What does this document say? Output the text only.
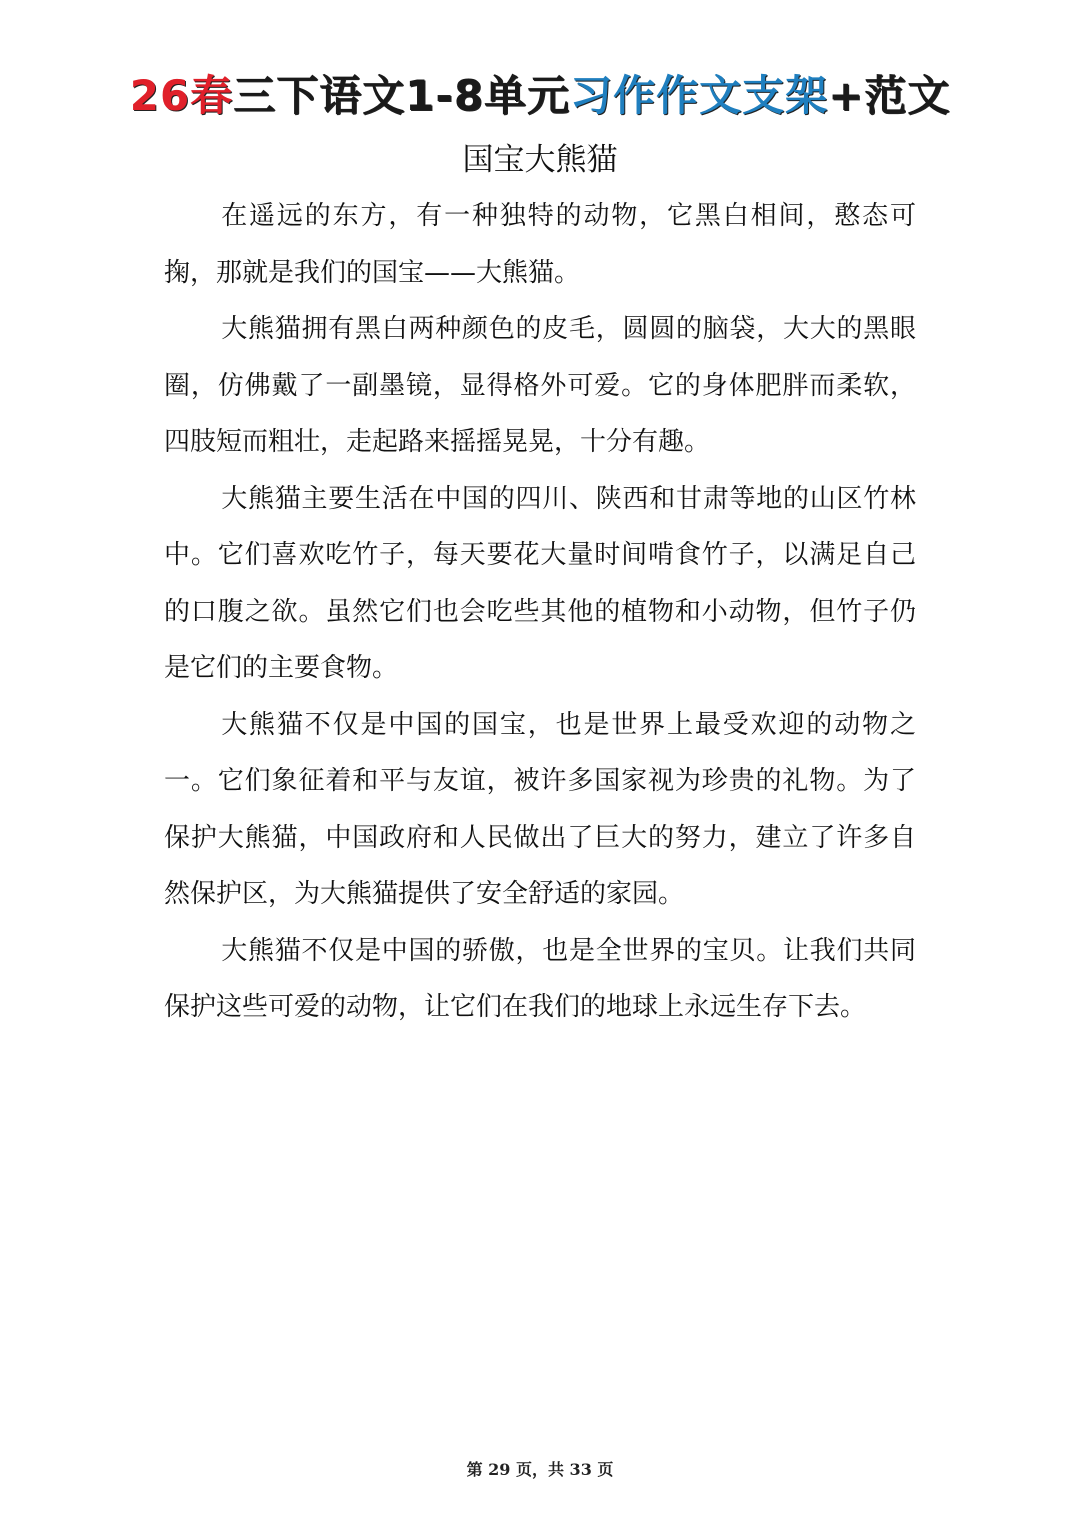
26春三下语文1-8单元习作作文支架+范文
国宝大熊猫

在遥远的东方，有一种独特的动物，它黑白相间，憨态可掬，那就是我们的国宝——大熊猫。

大熊猫拥有黑白两种颜色的皮毛，圆圆的脑袋，大大的黑眼圈，仿佛戴了一副墨镜，显得格外可爱。它的身体肥胖而柔软，四肢短而粗壮，走起路来摇摇晃晃，十分有趣。

大熊猫主要生活在中国的四川、陕西和甘肃等地的山区竹林中。它们喜欢吃竹子，每天要花大量时间啃食竹子，以满足自己的口腹之欲。虽然它们也会吃些其他的植物和小动物，但竹子仍是它们的主要食物。

大熊猫不仅是中国的国宝，也是世界上最受欢迎的动物之一。它们象征着和平与友谊，被许多国家视为珍贵的礼物。为了保护大熊猫，中国政府和人民做出了巨大的努力，建立了许多自然保护区，为大熊猫提供了安全舒适的家园。

大熊猫不仅是中国的骄傲，也是全世界的宝贝。让我们共同保护这些可爱的动物，让它们在我们的地球上永远生存下去。

第 29 页，共 33 页
